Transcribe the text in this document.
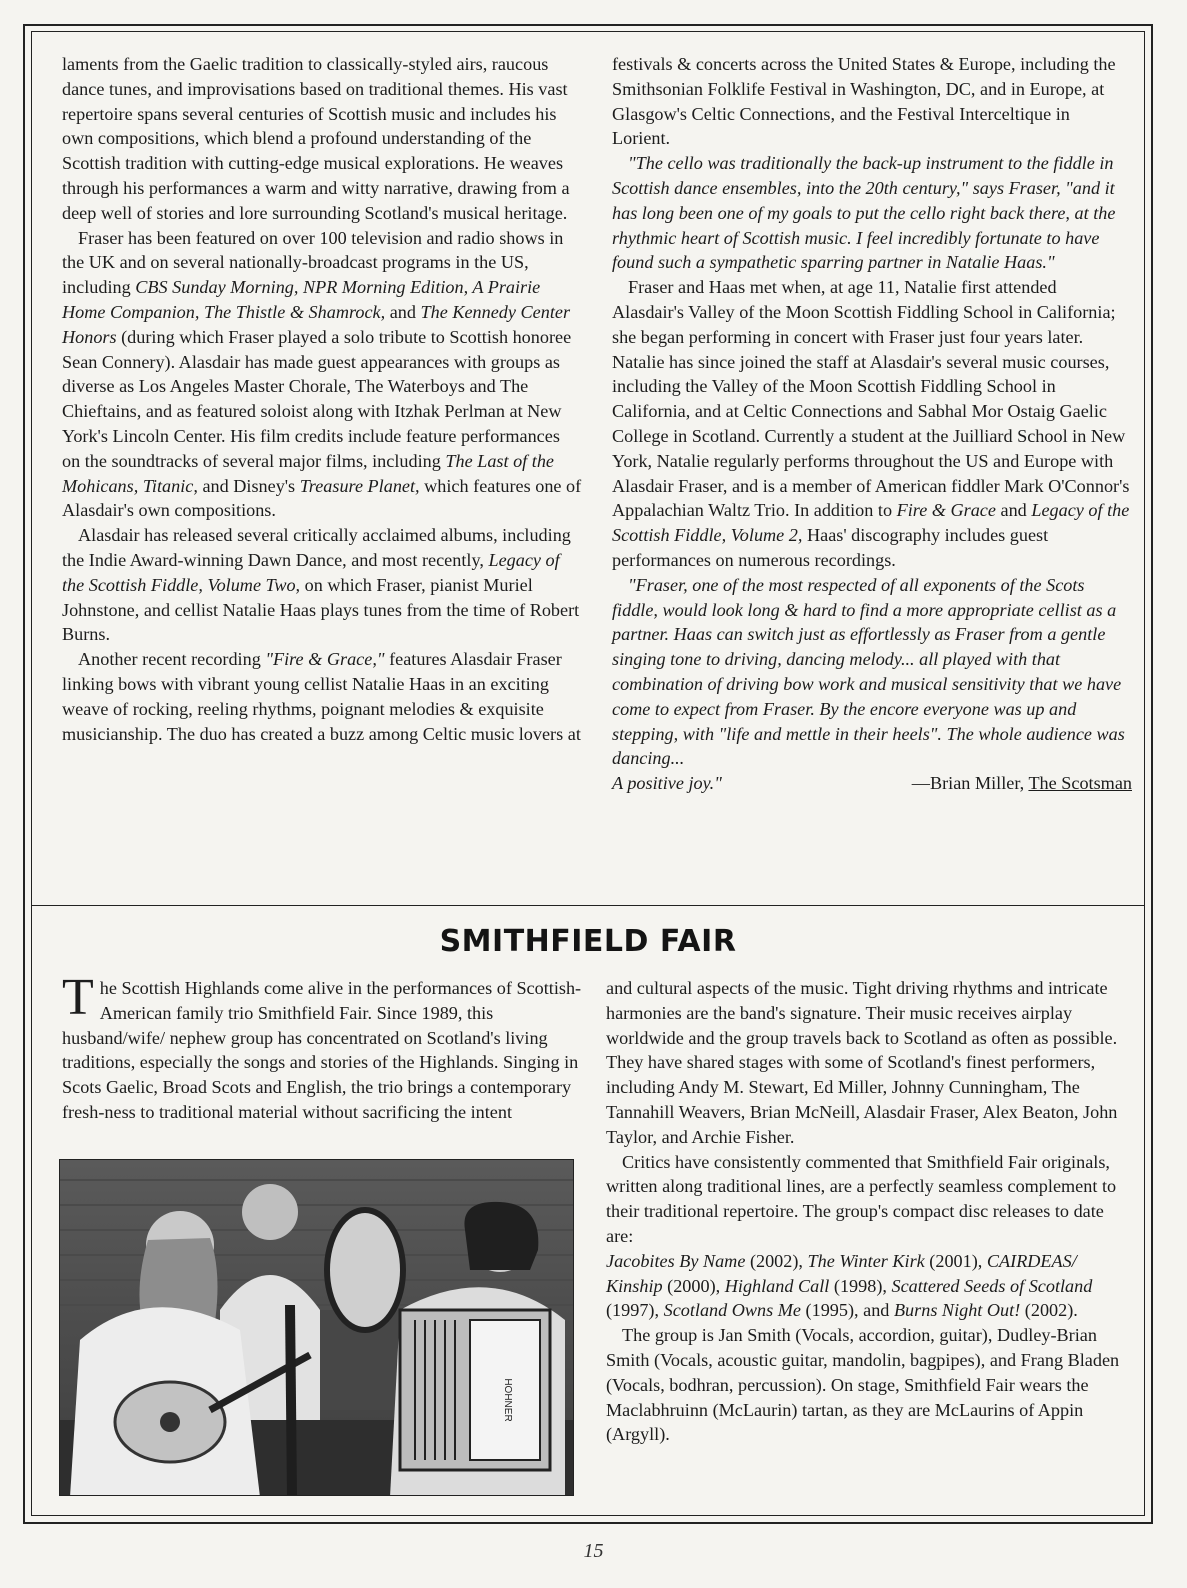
laments from the Gaelic tradition to classically-styled airs, raucous dance tunes, and improvisations based on traditional themes. His vast repertoire spans several centuries of Scottish music and includes his own compositions, which blend a profound understanding of the Scottish tradition with cutting-edge musical explorations. He weaves through his performances a warm and witty narrative, drawing from a deep well of stories and lore surrounding Scotland's musical heritage.

Fraser has been featured on over 100 television and radio shows in the UK and on several nationally-broadcast programs in the US, including CBS Sunday Morning, NPR Morning Edition, A Prairie Home Companion, The Thistle & Shamrock, and The Kennedy Center Honors (during which Fraser played a solo tribute to Scottish honoree Sean Connery). Alasdair has made guest appearances with groups as diverse as Los Angeles Master Chorale, The Waterboys and The Chieftains, and as featured soloist along with Itzhak Perlman at New York's Lincoln Center. His film credits include feature performances on the soundtracks of several major films, including The Last of the Mohicans, Titanic, and Disney's Treasure Planet, which features one of Alasdair's own compositions.

Alasdair has released several critically acclaimed albums, including the Indie Award-winning Dawn Dance, and most recently, Legacy of the Scottish Fiddle, Volume Two, on which Fraser, pianist Muriel Johnstone, and cellist Natalie Haas plays tunes from the time of Robert Burns.

Another recent recording "Fire & Grace," features Alasdair Fraser linking bows with vibrant young cellist Natalie Haas in an exciting weave of rocking, reeling rhythms, poignant melodies & exquisite musicianship. The duo has created a buzz among Celtic music lovers at

festivals & concerts across the United States & Europe, including the Smithsonian Folklife Festival in Washington, DC, and in Europe, at Glasgow's Celtic Connections, and the Festival Interceltique in Lorient.

"The cello was traditionally the back-up instrument to the fiddle in Scottish dance ensembles, into the 20th century," says Fraser, "and it has long been one of my goals to put the cello right back there, at the rhythmic heart of Scottish music. I feel incredibly fortunate to have found such a sympathetic sparring partner in Natalie Haas."

Fraser and Haas met when, at age 11, Natalie first attended Alasdair's Valley of the Moon Scottish Fiddling School in California; she began performing in concert with Fraser just four years later. Natalie has since joined the staff at Alasdair's several music courses, including the Valley of the Moon Scottish Fiddling School in California, and at Celtic Connections and Sabhal Mor Ostaig Gaelic College in Scotland. Currently a student at the Juilliard School in New York, Natalie regularly performs throughout the US and Europe with Alasdair Fraser, and is a member of American fiddler Mark O'Connor's Appalachian Waltz Trio. In addition to Fire & Grace and Legacy of the Scottish Fiddle, Volume 2, Haas' discography includes guest performances on numerous recordings.

"Fraser, one of the most respected of all exponents of the Scots fiddle, would look long & hard to find a more appropriate cellist as a partner. Haas can switch just as effortlessly as Fraser from a gentle singing tone to driving, dancing melody... all played with that combination of driving bow work and musical sensitivity that we have come to expect from Fraser. By the encore everyone was up and stepping, with "life and mettle in their heels". The whole audience was dancing...

A positive joy."	—Brian Miller, The Scotsman
SMITHFIELD FAIR

The Scottish Highlands come alive in the performances of Scottish-American family trio Smithfield Fair. Since 1989, this husband/wife/ nephew group has concentrated on Scotland's living traditions, especially the songs and stories of the Highlands. Singing in Scots Gaelic, Broad Scots and English, the trio brings a contemporary fresh-ness to traditional material without sacrificing the intent

HOHNER

and cultural aspects of the music. Tight driving rhythms and intricate harmonies are the band's signature. Their music receives airplay worldwide and the group travels back to Scotland as often as possible. They have shared stages with some of Scotland's finest performers, including Andy M. Stewart, Ed Miller, Johnny Cunningham, The Tannahill Weavers, Brian McNeill, Alasdair Fraser, Alex Beaton, John Taylor, and Archie Fisher.

Critics have consistently commented that Smithfield Fair originals, written along traditional lines, are a perfectly seamless complement to their traditional repertoire. The group's compact disc releases to date are:

Jacobites By Name (2002), The Winter Kirk (2001), CAIRDEAS/ Kinship (2000), Highland Call (1998), Scattered Seeds of Scotland (1997), Scotland Owns Me (1995), and Burns Night Out! (2002).

The group is Jan Smith (Vocals, accordion, guitar), Dudley-Brian Smith (Vocals, acoustic guitar, mandolin, bagpipes), and Frang Bladen (Vocals, bodhran, percussion). On stage, Smithfield Fair wears the Maclabhruinn (McLaurin) tartan, as they are McLaurins of Appin (Argyll).

15
